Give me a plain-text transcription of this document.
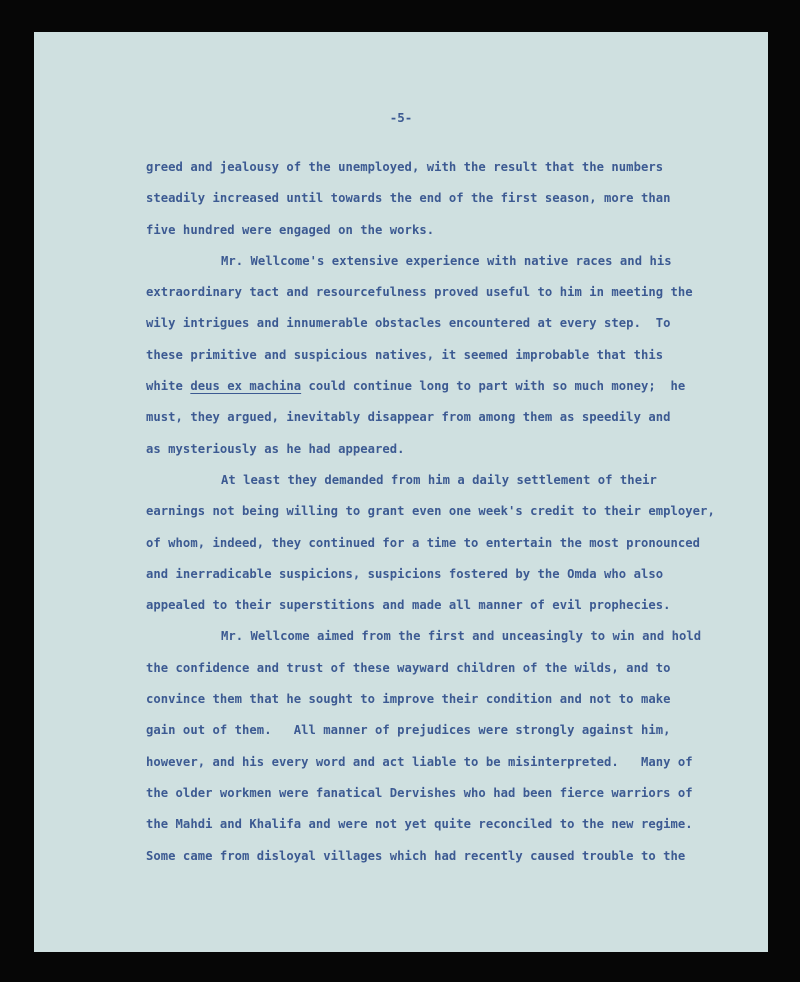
-5-
greed and jealousy of the unemployed, with the result that the numbers
steadily increased until towards the end of the first season, more than
five hundred were engaged on the works.
Mr. Wellcome's extensive experience with native races and his
extraordinary tact and resourcefulness proved useful to him in meeting the
wily intrigues and innumerable obstacles encountered at every step.  To
these primitive and suspicious natives, it seemed improbable that this
white deus ex machina could continue long to part with so much money;  he
must, they argued, inevitably disappear from among them as speedily and
as mysteriously as he had appeared.
At least they demanded from him a daily settlement of their
earnings not being willing to grant even one week's credit to their employer,
of whom, indeed, they continued for a time to entertain the most pronounced
and inerradicable suspicions, suspicions fostered by the Omda who also
appealed to their superstitions and made all manner of evil prophecies.
Mr. Wellcome aimed from the first and unceasingly to win and hold
the confidence and trust of these wayward children of the wilds, and to
convince them that he sought to improve their condition and not to make
gain out of them.   All manner of prejudices were strongly against him,
however, and his every word and act liable to be misinterpreted.   Many of
the older workmen were fanatical Dervishes who had been fierce warriors of
the Mahdi and Khalifa and were not yet quite reconciled to the new regime.
Some came from disloyal villages which had recently caused trouble to the
